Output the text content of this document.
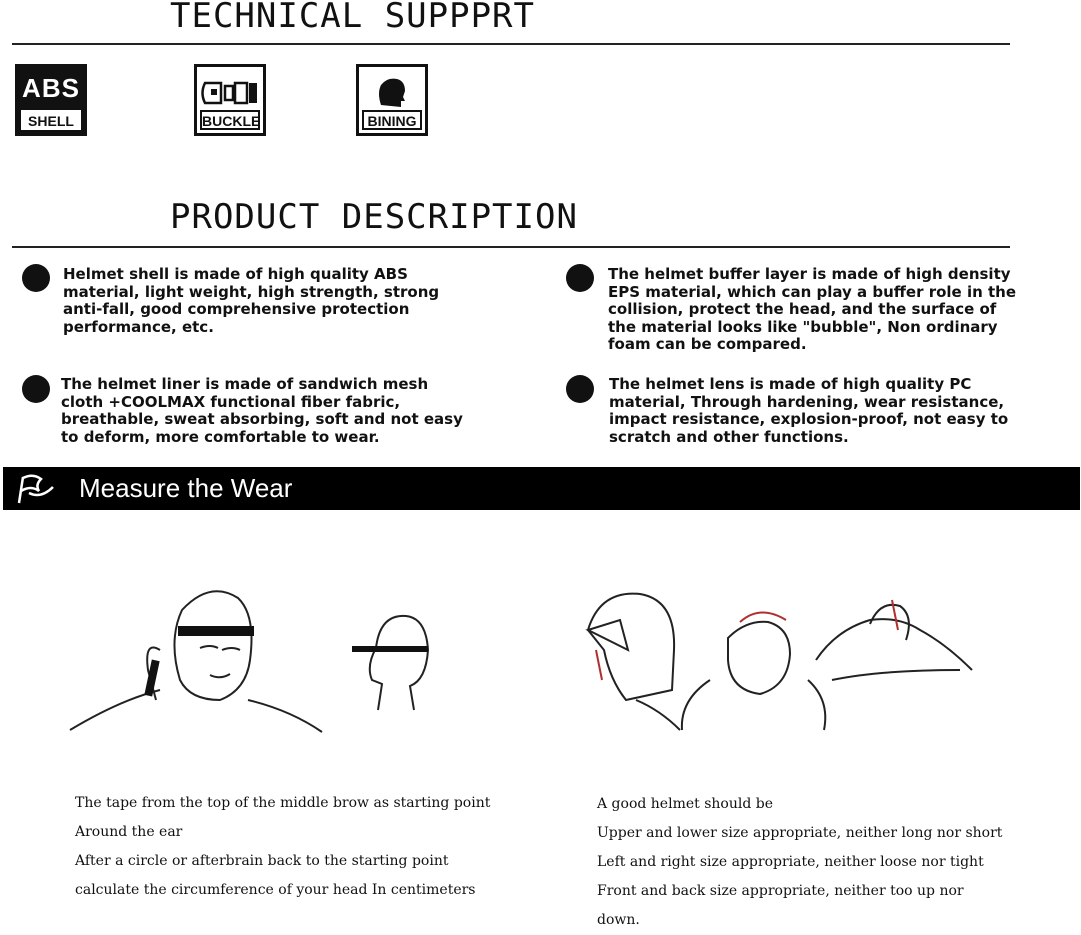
TECHNICAL SUPPPRT
ABS
SHELL	BUCKLE	BINING
PRODUCT DESCRIPTION
Helmet shell is made of high quality ABS material, light weight, high strength, strong anti-fall, good comprehensive protection performance, etc.
The helmet buffer layer is made of high density EPS material, which can play a buffer role in the collision, protect the head, and the surface of the material looks like "bubble", Non ordinary foam can be compared.
The helmet liner is made of sandwich mesh cloth +COOLMAX functional fiber fabric, breathable, sweat absorbing, soft and not easy to deform, more comfortable to wear.
The helmet lens is made of high quality PC material, Through hardening, wear resistance, impact resistance, explosion-proof, not easy to scratch and other functions.
Measure the Wear
The tape from the top of the middle brow as starting point
Around the ear
After a circle or afterbrain back to the starting point
calculate the circumference of your head In centimeters
A good helmet should be
Upper and lower size appropriate, neither long nor short
Left and right size appropriate, neither loose nor tight
Front and back size appropriate, neither too up nor
down.
